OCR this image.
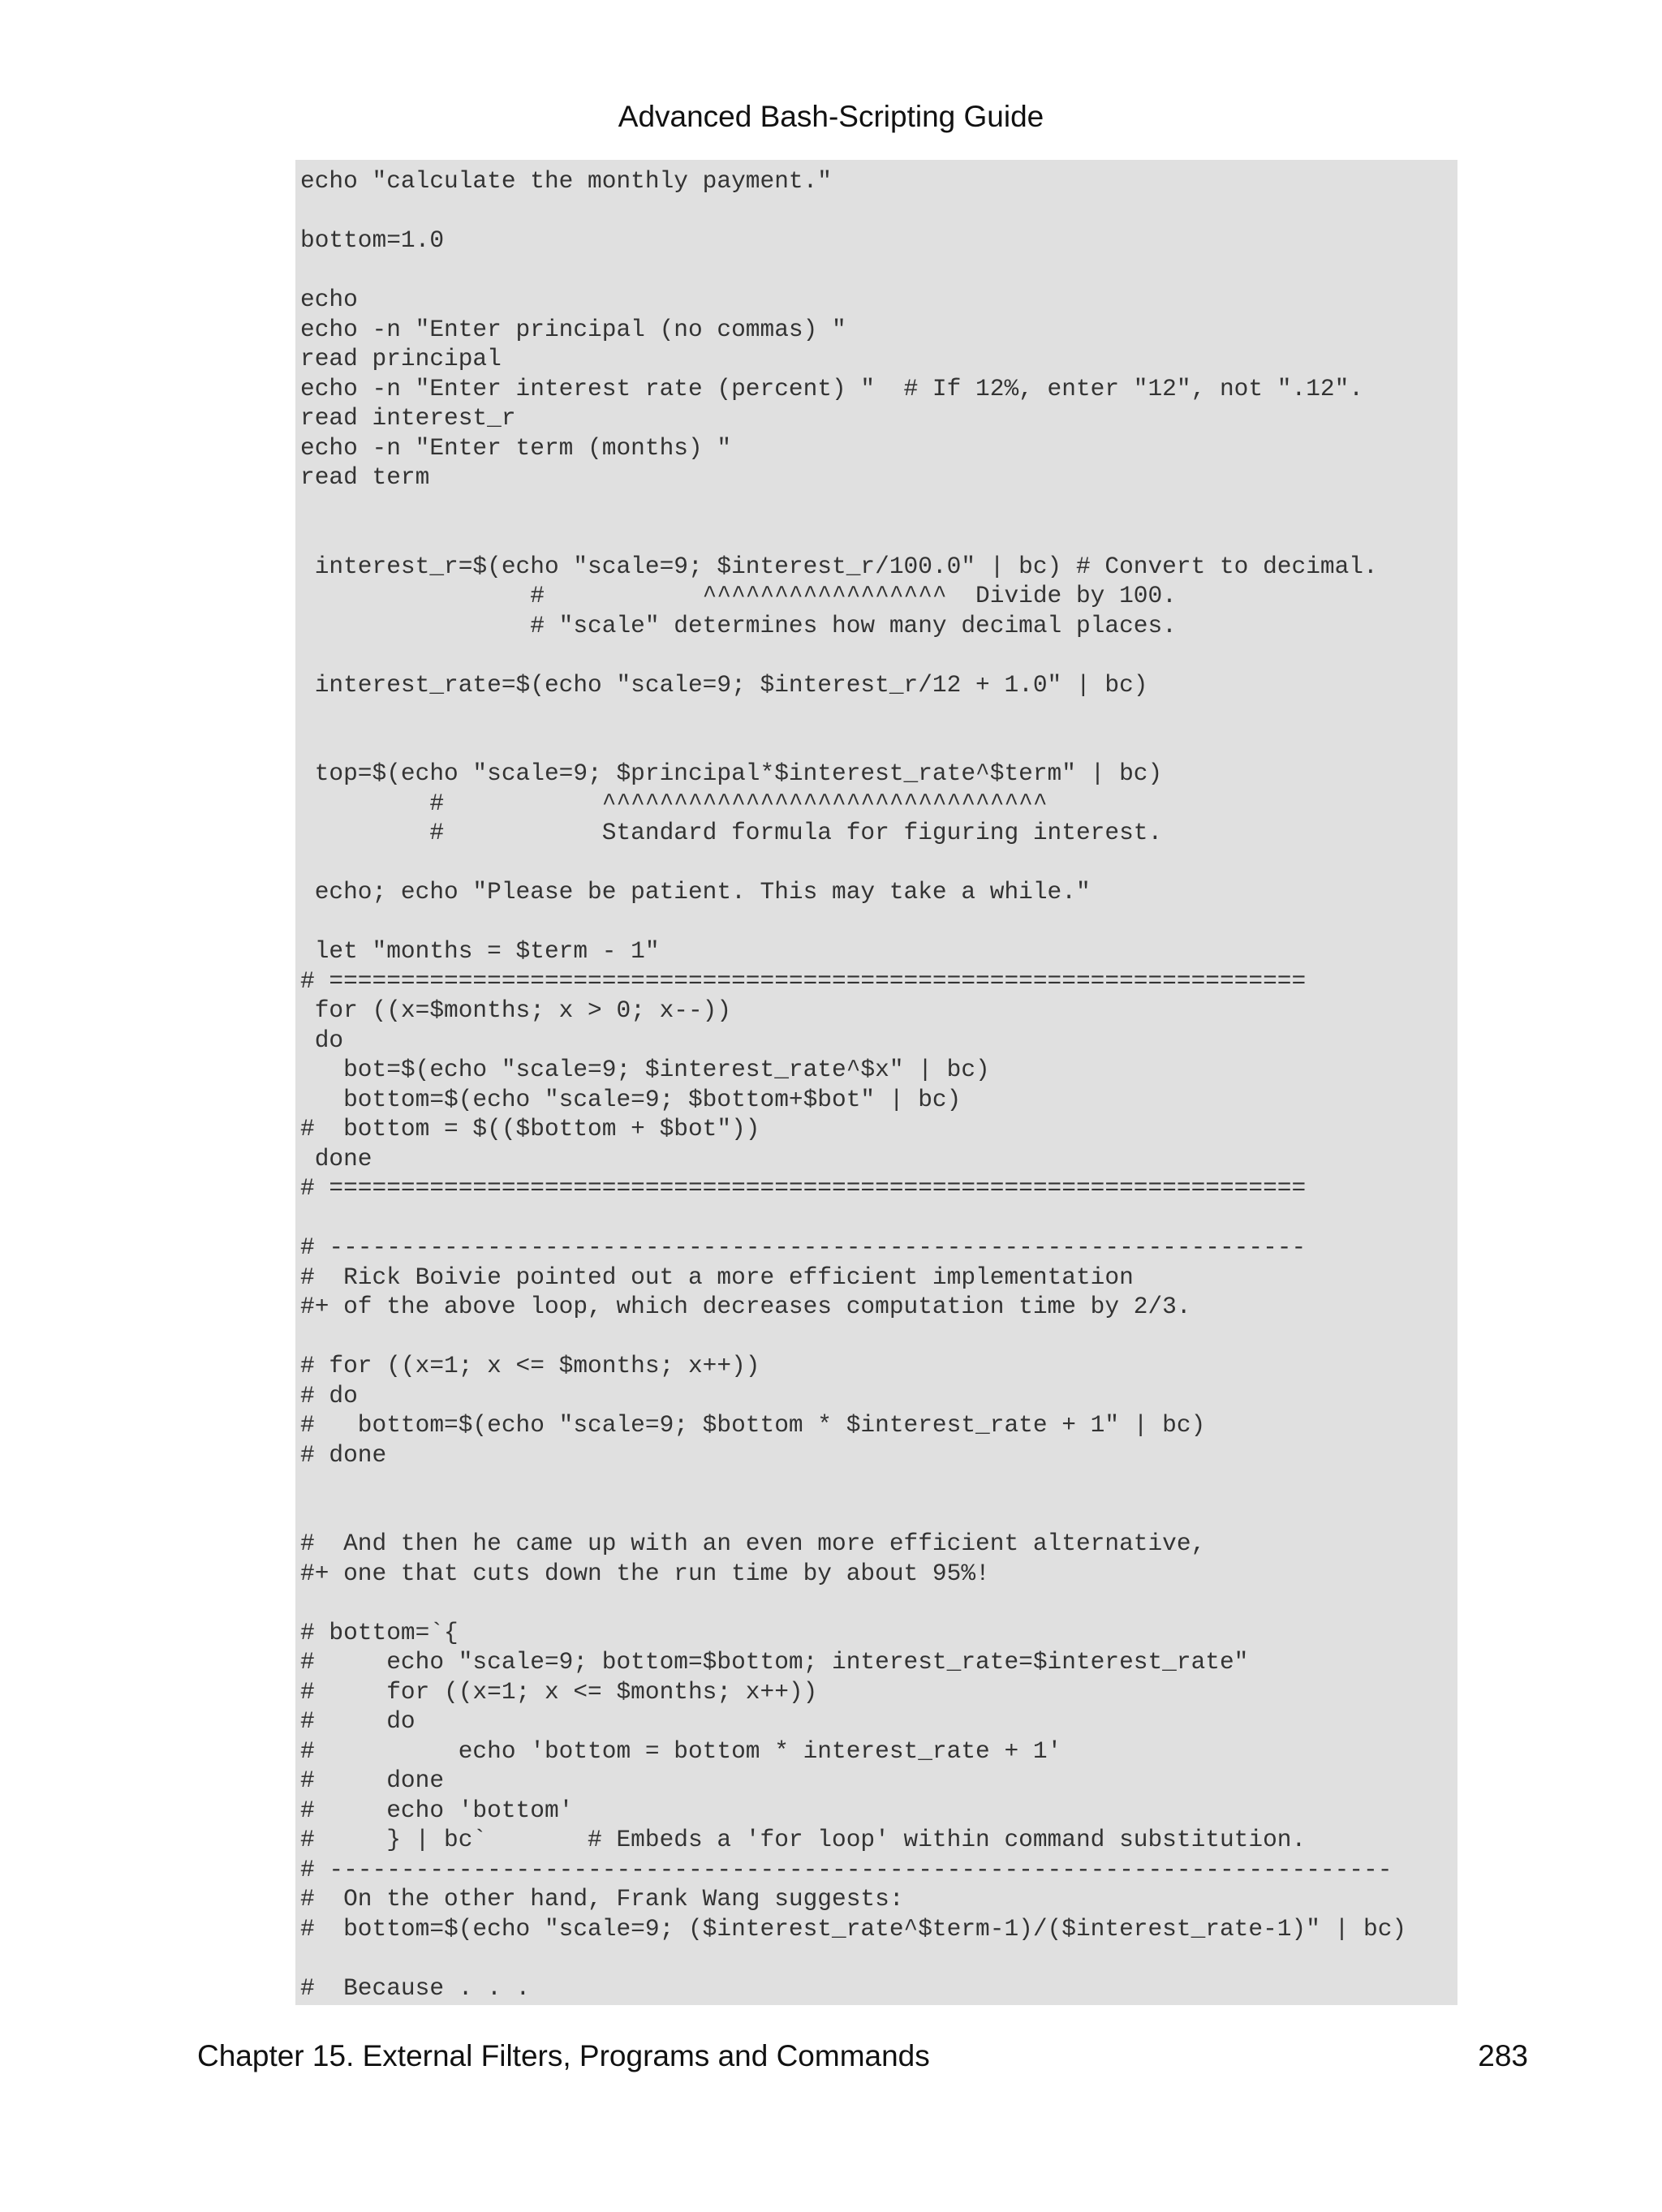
Advanced Bash-Scripting Guide
echo "calculate the monthly payment."
bottom=1.0
echo
echo -n "Enter principal (no commas) "
read principal
echo -n "Enter interest rate (percent) "  # If 12%, enter "12", not ".12".
read interest_r
echo -n "Enter term (months) "
read term
interest_r=$(echo "scale=9; $interest_r/100.0" | bc) # Convert to decimal.
#           ^^^^^^^^^^^^^^^^^  Divide by 100.
# "scale" determines how many decimal places.
interest_rate=$(echo "scale=9; $interest_r/12 + 1.0" | bc)
top=$(echo "scale=9; $principal*$interest_rate^$term" | bc)
#           ^^^^^^^^^^^^^^^^^^^^^^^^^^^^^^^
#           Standard formula for figuring interest.
echo; echo "Please be patient. This may take a while."
let "months = $term - 1"
# ====================================================================
for ((x=$months; x > 0; x--))
do
bot=$(echo "scale=9; $interest_rate^$x" | bc)
bottom=$(echo "scale=9; $bottom+$bot" | bc)
#  bottom = $(($bottom + $bot"))
done
# ====================================================================
# --------------------------------------------------------------------
#  Rick Boivie pointed out a more efficient implementation
#+ of the above loop, which decreases computation time by 2/3.
# for ((x=1; x <= $months; x++))
# do
#   bottom=$(echo "scale=9; $bottom * $interest_rate + 1" | bc)
# done
#  And then he came up with an even more efficient alternative,
#+ one that cuts down the run time by about 95%!
# bottom=`{
#     echo "scale=9; bottom=$bottom; interest_rate=$interest_rate"
#     for ((x=1; x <= $months; x++))
#     do
#          echo 'bottom = bottom * interest_rate + 1'
#     done
#     echo 'bottom'
#     } | bc`       # Embeds a 'for loop' within command substitution.
# --------------------------------------------------------------------------
#  On the other hand, Frank Wang suggests:
#  bottom=$(echo "scale=9; ($interest_rate^$term-1)/($interest_rate-1)" | bc)
#  Because . . .
Chapter 15. External Filters, Programs and Commands	283
